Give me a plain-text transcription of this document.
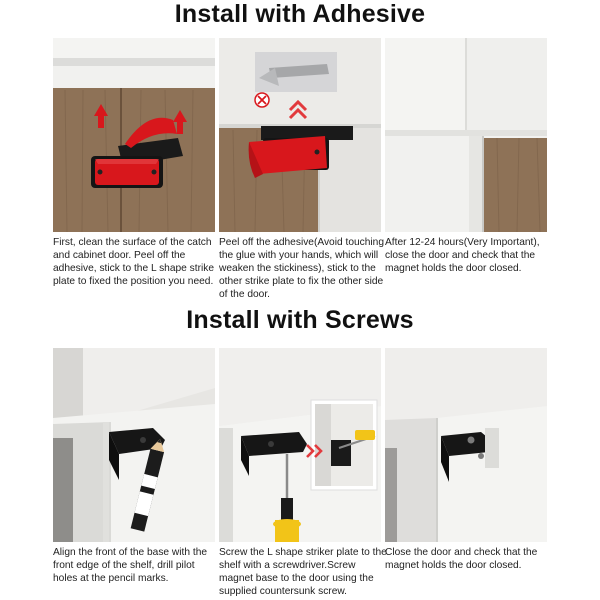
Install with Adhesive
Install with Screws
First, clean the surface of the catch and cabinet door. Peel off the adhesive, stick to the L shape strike plate to fixed the position you need.
Peel off the adhesive(Avoid touching the glue with your hands, which will weaken the stickiness), stick to the other strike plate to fix the other side of the door.
After 12-24 hours(Very Important), close the door and check that the magnet holds the door closed.
Align the front of the base with the front edge of the shelf, drill pilot holes at the pencil marks.
Screw the L shape striker plate to the shelf with a screwdriver.Screw magnet base to the door using the supplied countersunk screw.
Close the door and check that the magnet holds the door closed.
